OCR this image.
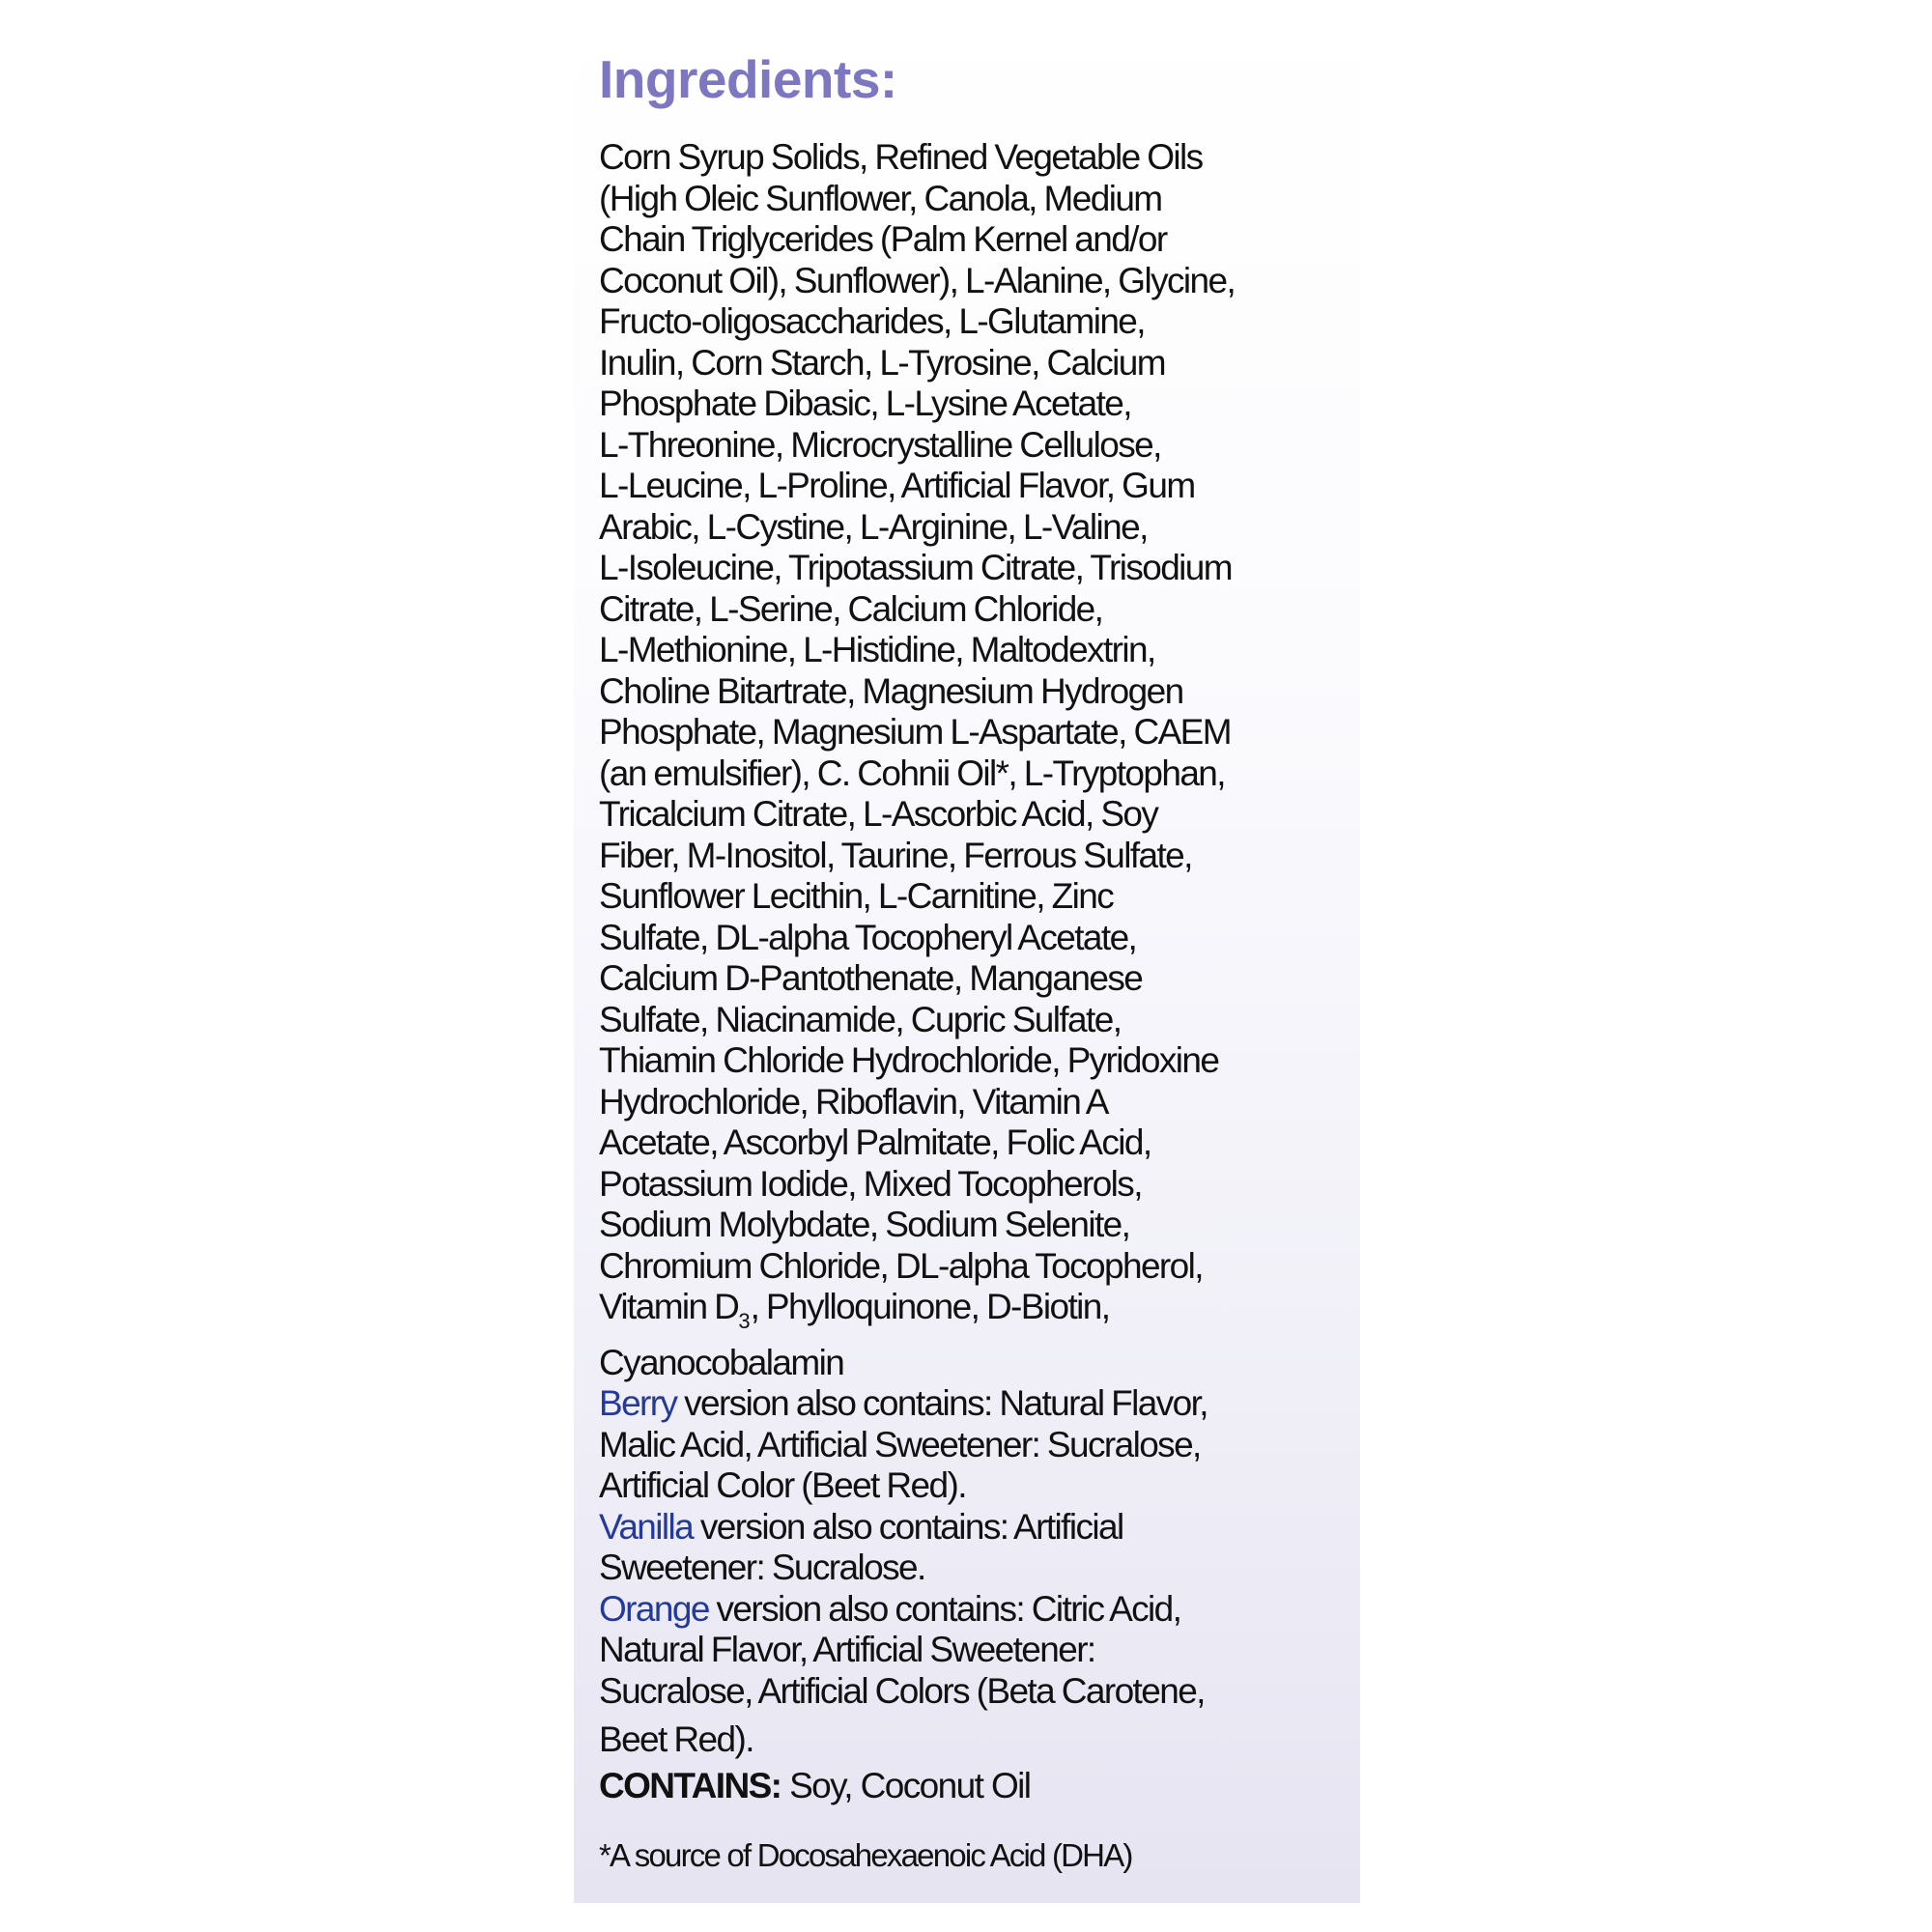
Ingredients:
Corn Syrup Solids, Refined Vegetable Oils
(High Oleic Sunflower, Canola, Medium
Chain Triglycerides (Palm Kernel and/or
Coconut Oil), Sunflower), L-Alanine, Glycine,
Fructo-oligosaccharides, L-Glutamine,
Inulin, Corn Starch, L-Tyrosine, Calcium
Phosphate Dibasic, L-Lysine Acetate,
L-Threonine, Microcrystalline Cellulose,
L-Leucine, L-Proline, Artificial Flavor, Gum
Arabic, L-Cystine, L-Arginine, L-Valine,
L-Isoleucine, Tripotassium Citrate, Trisodium
Citrate, L-Serine, Calcium Chloride,
L-Methionine, L-Histidine, Maltodextrin,
Choline Bitartrate, Magnesium Hydrogen
Phosphate, Magnesium L-Aspartate, CAEM
(an emulsifier), C. Cohnii Oil*, L-Tryptophan,
Tricalcium Citrate, L-Ascorbic Acid, Soy
Fiber, M-Inositol, Taurine, Ferrous Sulfate,
Sunflower Lecithin, L-Carnitine, Zinc
Sulfate, DL-alpha Tocopheryl Acetate,
Calcium D-Pantothenate, Manganese
Sulfate, Niacinamide, Cupric Sulfate,
Thiamin Chloride Hydrochloride, Pyridoxine
Hydrochloride, Riboflavin, Vitamin A
Acetate, Ascorbyl Palmitate, Folic Acid,
Potassium Iodide, Mixed Tocopherols,
Sodium Molybdate, Sodium Selenite,
Chromium Chloride, DL-alpha Tocopherol,
Vitamin $D_3$, Phylloquinone, D-Biotin,
Cyanocobalamin
Berry version also contains: Natural Flavor,
Malic Acid, Artificial Sweetener: Sucralose,
Artificial Color (Beet Red).
Vanilla version also contains: Artificial
Sweetener: Sucralose.
Orange version also contains: Citric Acid,
Natural Flavor, Artificial Sweetener:
Sucralose, Artificial Colors (Beta Carotene,
Beet Red).
CONTAINS: Soy, Coconut Oil
*A source of Docosahexaenoic Acid (DHA)
